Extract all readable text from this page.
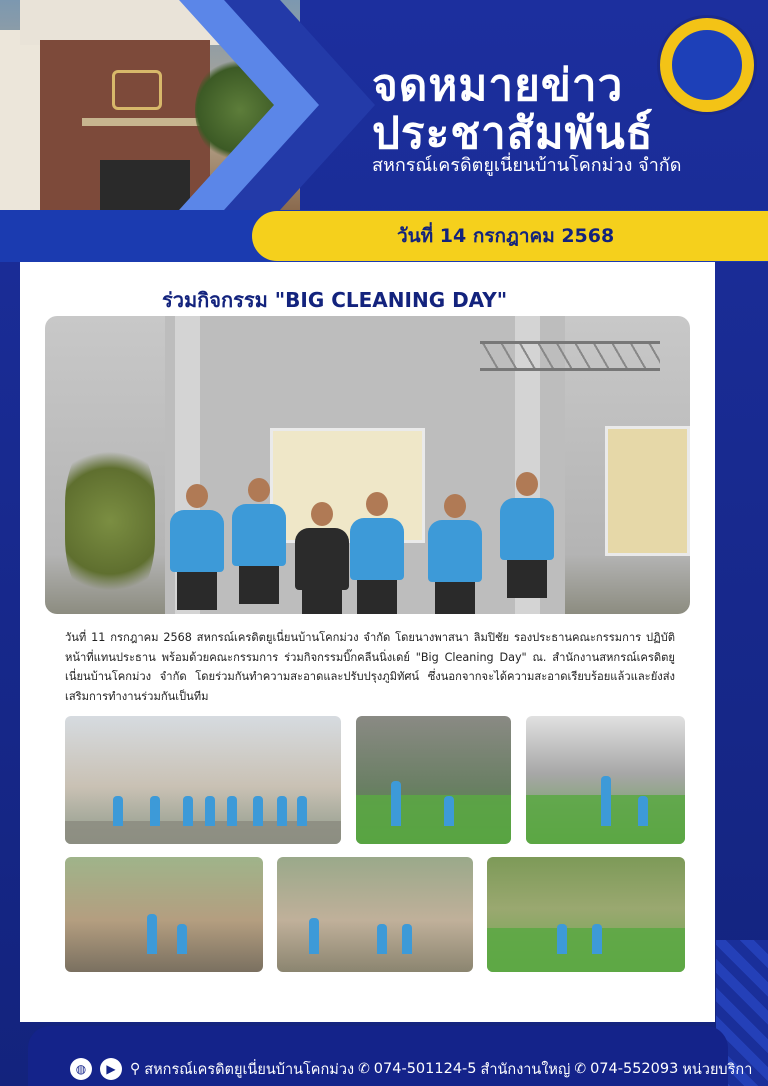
จดหมายข่าว
ประชาสัมพันธ์
สหกรณ์เครดิตยูเนี่ยนบ้านโคกม่วง จำกัด
วันที่ 14 กรกฎาคม 2568
ร่วมกิจกรรม "BIG CLEANING DAY"
วันที่ 11 กรกฎาคม 2568 สหกรณ์เครดิตยูเนี่ยนบ้านโคกม่วง จำกัด โดยนางพาสนา ลิมปิชัย รองประธานคณะกรรมการ ปฏิบัติหน้าที่แทนประธาน พร้อมด้วยคณะกรรมการ ร่วมกิจกรรมบิ๊กคลีนนิ่งเดย์ "Big Cleaning Day" ณ. สำนักงานสหกรณ์เครดิตยูเนี่ยนบ้านโคกม่วง จำกัด โดยร่วมกันทำความสะอาดและปรับปรุงภูมิทัศน์ ซึ่งนอกจากจะได้ความสะอาดเรียบร้อยแล้วและยังส่งเสริมการทำงานร่วมกันเป็นทีม
◍	▶	⚲ สหกรณ์เครดิตยูเนี่ยนบ้านโคกม่วง ✆ 074-501124-5 สำนักงานใหญ่ ✆ 074-552093 หน่วยบริกา
